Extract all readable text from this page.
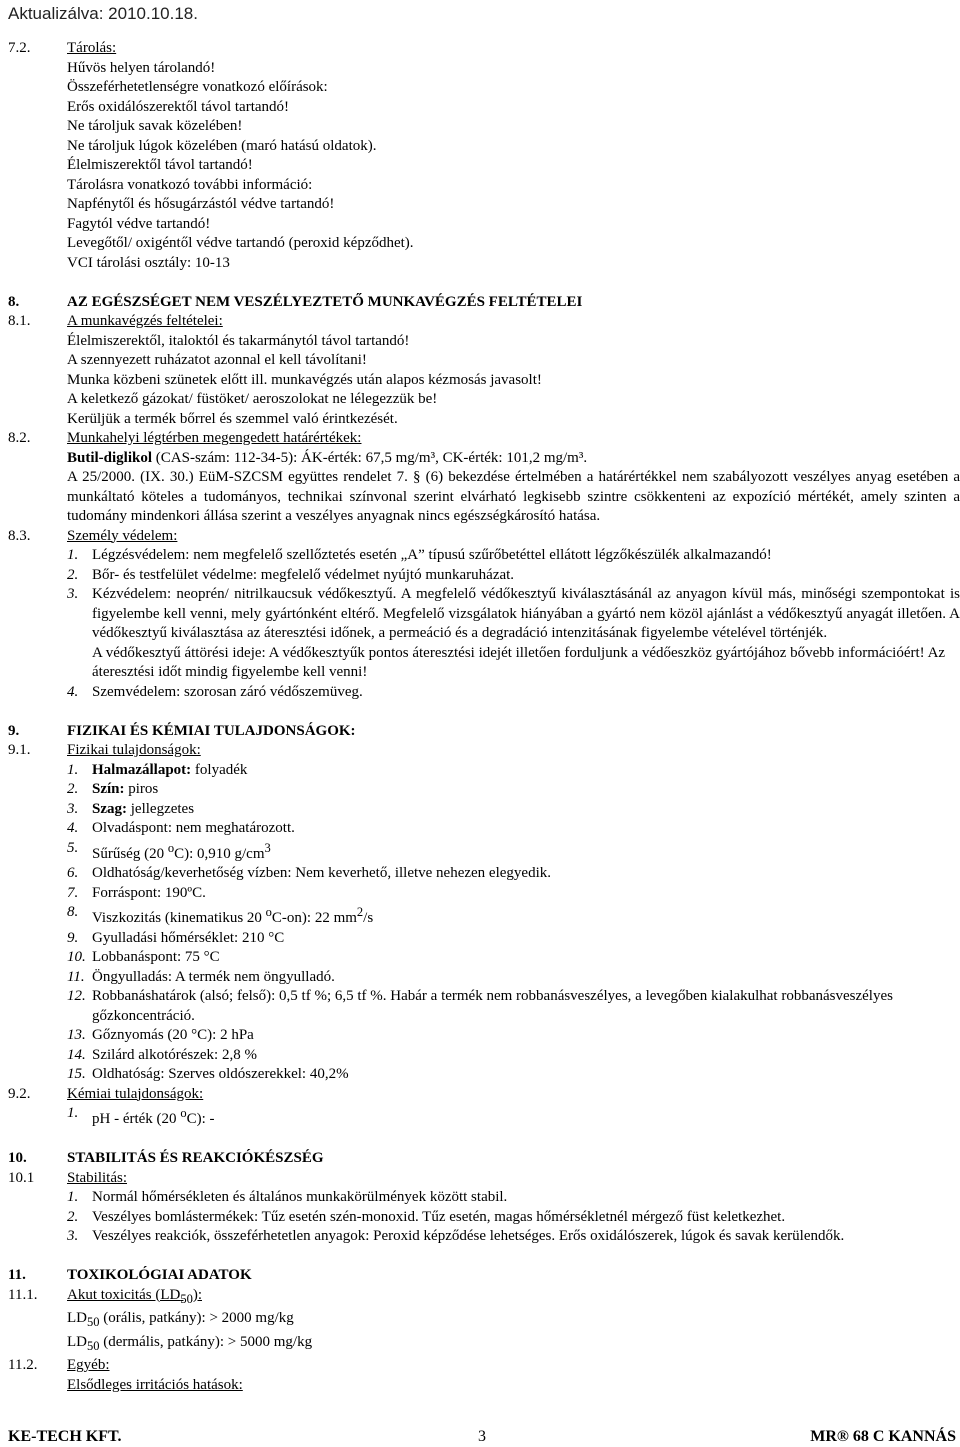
Aktualizálva: 2010.10.18.
7.2.	Tárolás:
Hűvös helyen tárolandó!
Összeférhetetlenségre vonatkozó előírások:
Erős oxidálószerektől távol tartandó!
Ne tároljuk savak közelében!
Ne tároljuk lúgok közelében (maró hatású oldatok).
Élelmiszerektől távol tartandó!
Tárolásra vonatkozó további információ:
Napfénytől és hősugárzástól védve tartandó!
Fagytól védve tartandó!
Levegőtől/ oxigéntől védve tartandó (peroxid képződhet).
VCI tárolási osztály: 10-13
8.	AZ EGÉSZSÉGET NEM VESZÉLYEZTETŐ MUNKAVÉGZÉS FELTÉTELEI
8.1.	A munkavégzés feltételei:
Élelmiszerektől, italoktól és takarmánytól távol tartandó!
A szennyezett ruházatot azonnal el kell távolítani!
Munka közbeni szünetek előtt ill. munkavégzés után alapos kézmosás javasolt!
A keletkező gázokat/ füstöket/ aeroszolokat ne lélegezzük be!
Kerüljük a termék bőrrel és szemmel való érintkezését.
8.2.	Munkahelyi légtérben megengedett határértékek:
Butil-diglikol (CAS-szám: 112-34-5): ÁK-érték: 67,5 mg/m³, CK-érték: 101,2 mg/m³.
A 25/2000. (IX. 30.) EüM-SZCSM együttes rendelet 7. § (6) bekezdése értelmében a határértékkel nem szabályozott veszélyes anyag esetében a munkáltató köteles a tudományos, technikai színvonal szerint elvárható legkisebb szintre csökkenteni az expozíció mértékét, amely szinten a tudomány mindenkori állása szerint a veszélyes anyagnak nincs egészségkárosító hatása.
8.3.	Személy védelem:
1. Légzésvédelem: nem megfelelő szellőztetés esetén „A” típusú szűrőbetéttel ellátott légzőkészülék alkalmazandó!
2. Bőr- és testfelület védelme: megfelelő védelmet nyújtó munkaruházat.
3. Kézvédelem: neoprén/ nitrilkaucsuk védőkesztyű. A megfelelő védőkesztyű kiválasztásánál az anyagon kívül más, minőségi szempontokat is figyelembe kell venni, mely gyártónként eltérő. Megfelelő vizsgálatok hiányában a gyártó nem közöl ajánlást a védőkesztyű anyagát illetően. A védőkesztyű kiválasztása az áteresztési időnek, a permeáció és a degradáció intenzitásának figyelembe vételével történjék.
A védőkesztyű áttörési ideje: A védőkesztyűk pontos áteresztési idejét illetően forduljunk a védőeszköz gyártójához bővebb információért! Az áteresztési időt mindig figyelembe kell venni!
4. Szemvédelem: szorosan záró védőszemüveg.
9.	FIZIKAI ÉS KÉMIAI TULAJDONSÁGOK:
9.1.	Fizikai tulajdonságok:
1. Halmazállapot: folyadék
2. Szín: piros
3. Szag: jellegzetes
4. Olvadáspont: nem meghatározott.
5. Sűrűség (20 $^o$C): 0,910 $g/cm^3$
6. Oldhatóság/keverhetőség vízben: Nem keverhető, illetve nehezen elegyedik.
7. Forráspont: 190ºC.
8. Viszkozitás (kinematikus 20 $^o$C-on): 22 $mm^2/s$
9. Gyulladási hőmérséklet: 210 °C
10. Lobbanáspont: 75 °C
11. Öngyulladás: A termék nem öngyulladó.
12. Robbanáshatárok (alsó; felső): 0,5 tf %; 6,5 tf %. Habár a termék nem robbanásveszélyes, a levegőben kialakulhat robbanásveszélyes gőzkoncentráció.
13. Gőznyomás (20 °C): 2 hPa
14. Szilárd alkotórészek: 2,8 %
15. Oldhatóság: Szerves oldószerekkel: 40,2%
9.2.	Kémiai tulajdonságok:
1. pH - érték (20 $^o$C): -
10.	STABILITÁS ÉS REAKCIÓKÉSZSÉG
10.1	Stabilitás:
1. Normál hőmérsékleten és általános munkakörülmények között stabil.
2. Veszélyes bomlástermékek: Tűz esetén szén-monoxid. Tűz esetén, magas hőmérsékletnél mérgező füst keletkezhet.
3. Veszélyes reakciók, összeférhetetlen anyagok: Peroxid képződése lehetséges. Erős oxidálószerek, lúgok és savak kerülendők.
11.	TOXIKOLÓGIAI ADATOK
11.1.	Akut toxicitás $(LD_{50})$:
$LD_{50}$ (orális, patkány): > 2000 mg/kg
$LD_{50}$ (dermális, patkány): > 5000 mg/kg
11.2.	Egyéb:
Elsődleges irritációs hatások:
KE-TECH KFT.	3	MR® 68 C KANNÁS
